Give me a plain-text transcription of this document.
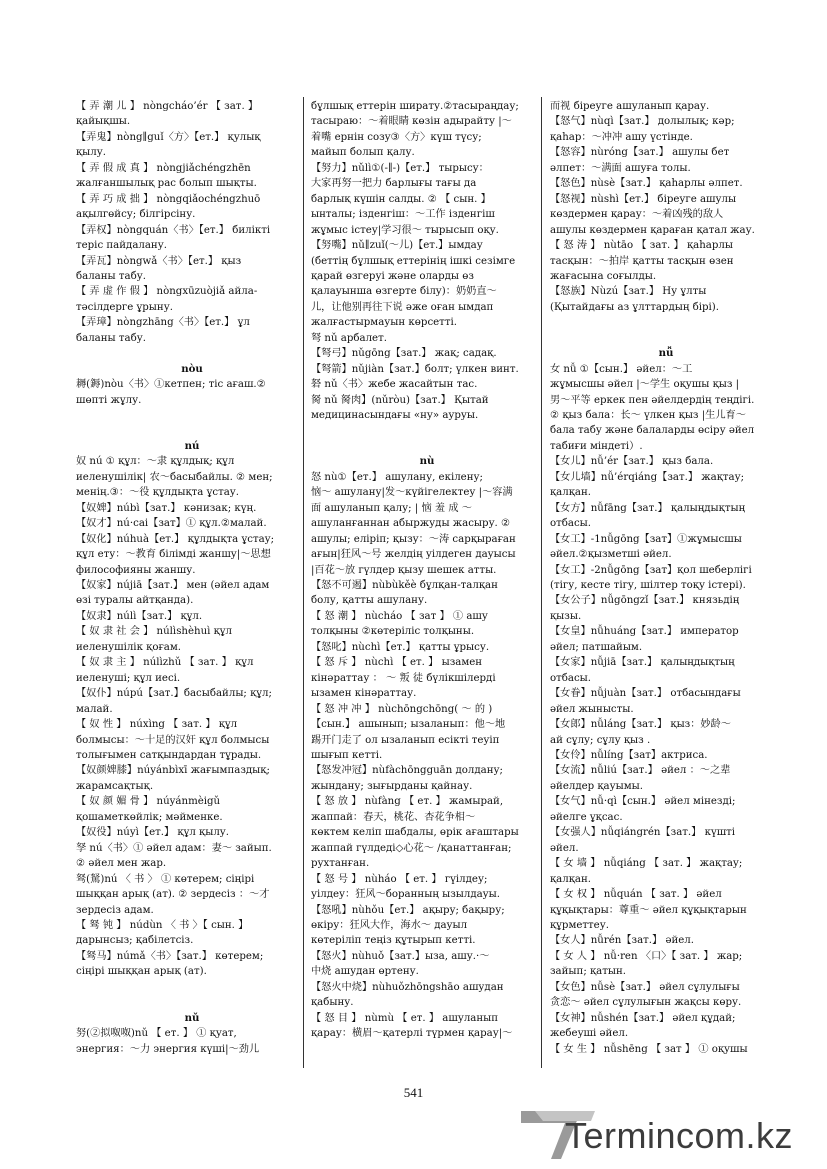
【 弄 潮 儿 】 nòngcháo’ér 【 зат. 】
қайықшы.
【弄鬼】nòng∥guǐ〈方〉【ет.】 қулық
қылу.
【 弄 假 成 真 】 nòngjiǎchéngzhēn
жалғаншылық рас болып шықты.
【 弄 巧 成 拙 】 nòngqiǎochéngzhuō
ақылгөйсу; білгірсіну.
【弄权】nòngquán〈书〉【ет.】 биліктi
терiс пайдалану.
【弄瓦】nòngwǎ〈书〉【ет.】 қыз
баланы табу.
【 弄 虚 作 假 】 nòngxūzuòjiǎ айла-
тәсiлдерге ұрыну.
【弄璋】nòngzhāng〈书〉【ет.】 ұл
баланы табу.
nòu
耨(鎒)nòu〈书〉①кетпен; тiс ағаш.②
шөпті жұлу.
nú
奴 nú ① құл：～隶 құлдық; құл
иеленушілік| 农～басыбайлы. ② мен;
менің.③：～役 құлдықта ұстау.
【奴婢】núbì【зат.】 кәнизак; күң.
【奴才】nú·cai【зат】① құл.②малай.
【奴化】núhuà【ет.】 құлдықта ұстау;
құл ету：～教育 білімді жаншу|～思想
философияны жаншу.
【奴家】nújiā【зат.】 мен (әйел адам
өзі туралы айтқанда).
【奴隶】núlì【зат.】 құл.
【 奴 隶 社 会 】 núlìshèhuì құл
иеленушілік қоғам.
【 奴 隶 主 】 núlìzhǔ 【 зат. 】 құл
иеленуші; құл иесі.
【奴仆】núpú【зат.】басыбайлы; құл;
малай.
【 奴 性 】 núxìng 【 зат. 】 құл
болмысы：～十足的汉奸 құл болмысы
толығымен сатқындардан тұрады.
【奴颜婢膝】núyánbìxī жағымпаздық;
жарамсақтық.
【 奴 颜 媚 骨 】 núyánmèigǔ
қошаметкөйлік; мәйменке.
【奴役】núyì【ет.】 құл қылу.
孥 nú〈书〉① әйел адам：妻～ зайып.
② әйел мен жар.
驽(駑)nú 〈 书 〉 ① көтерем; сіңірі
шыққан арық (ат). ② зердесіз ：～才
зердесіз адам.
【 驽 钝 】 núdùn 〈 书 〉【 сын. 】
дарынсыз; қабілетсіз.
【驽马】númǎ〈书〉【зат.】 көтерем;
сіңірі шыққан арық (ат).
nǔ
努(②拟呶呶)nǔ 【 ет. 】 ① қуат,
энергия：～力 энергия күші|～劲儿
бұлшық еттерін ширату.②тасыраңдау;
тасыраю：～着眼睛 көзін адырайту |～
着嘴 ернін созу③〈方〉күш түсу;
майып болып қалу.
【努力】nǔlì①(-∥-)【ет.】 тырысу：
大家再努一把力 барлығы тағы да
барлық күшін салды. ② 【 сын. 】
ынталы; ізденгіш：～工作 ізденгіш
жұмыс істеу|学习很～ тырысып оқу.
【努嘴】nǔ∥zuǐ(～儿)【ет.】ымдау
(беттің бұлшық еттерінің ішкі сезімге
қарай өзгеруі және оларды өз
қалауынша өзгерте білу)：奶奶直～
儿，让他别再往下说 әже оған ымдап
жалғастырмауын көрсетті.
弩 nǔ арбалет.
【弩弓】nǔgōng【зат.】 жақ; садақ.
【弩箭】nǔjiàn【зат.】болт; үлкен винт.
砮 nǔ〈书〉жебе жасайтын тас.
胬 nǔ 胬肉】(nǔròu)【зат.】 Қытай
медицинасындағы «ну» ауруы.
nù
怒 nù①【ет.】 ашулану, екілену;
恼～ ашулану|发～күйігелектеу |～容满
面 ашуланып қалу; | 恼 羞 成 ～
ашуланғаннан абыржуды жасыру. ②
ашулы; еліріп; қызу：～涛 сарқыраған
ағын|狂风～号 желдің уілдеген дауысы
|百花～放 гүлдер қызу шешек атты.
【怒不可遏】nùbùkěè бұлқан-талқан
болу, қатты ашулану.
【 怒 潮 】 nùcháo 【 зат 】 ① ашу
толқыны ②көтеріліс толқыны.
【怒叱】nùchì【ет.】 қатты ұрысу.
【 怒 斥 】 nùchì 【 ет. 】 ызамен
кінәраттау ： ～ 叛 徒 бүлікшілерді
ызамен кінәраттау.
【 怒 冲 冲 】 nùchōngchōng( ～ 的 )
【сын.】 ашынып; ызаланып：他～地
踢开门走了 ол ызаланып есікті теуіп
шығып кетті.
【怒发冲冠】nùfàchōngguān долдану;
жындану; зығырданы қайнау.
【 怒 放 】 nùfàng 【 ет. 】 жамырай,
жаппай：春天，桃花、杏花争相～
көктем келіп шабдалы, өрік ағаштары
жаппай гүлдеді◇心花～ /қанаттанған;
рухтанған.
【 怒 号 】 nùháo 【 ет. 】 гүілдеу;
уілдеу：狂风～боранның ызылдауы.
【怒吼】nùhǒu【ет.】 ақыру; бақыру;
өкіру：狂风大作，海水～ дауыл
көтеріліп теңіз құтырып кетті.
【怒火】nùhuǒ【зат.】ыза, ашу.·～
中烧 ашудан өртену.
【怒火中烧】nùhuǒzhōngshāo ашудан
қабыну.
【 怒 目 】 nùmù 【 ет. 】 ашуланып
қарау：横眉～қатерлі түрмен қарау|～
而视 біреуге ашуланып қарау.
【怒气】nùqì【зат.】 долылық; кәр;
қаһар：～冲冲 ашу үстінде.
【怒容】nùróng【зат.】 ашулы бет
әлпет：～满面 ашуға толы.
【怒色】nùsè【зат.】 қаһарлы әлпет.
【怒视】nùshì【ет.】 біреуге ашулы
көздермен қарау：～着凶残的敌人
ашулы көздермен қараған қатал жау.
【 怒 涛 】 nùtāo 【 зат. 】 қаһарлы
тасқын：～拍岸 қатты тасқын өзен
жағасына соғылды.
【怒族】Nùzú【зат.】 Ну ұлты
(Қытайдағы аз ұлттардың бірі).
nǚ
女 nǚ ①【сын.】 әйел：～工
жұмысшы әйел |～学生 оқушы қыз |
男～平等 еркек пен әйелдердің теңдігі.
② қыз бала：长～ үлкен қыз |生儿育～
бала табу және балаларды өсіру әйел
табиғи міндеті）.
【女儿】nǚ’ér【зат.】 қыз бала.
【女儿墙】nǚ’érqiáng【зат.】 жақтау;
қалқан.
【女方】nǚfāng【зат.】 қалыңдықтың
отбасы.
【女工】-1nǚgōng【зат】①жұмысшы
әйел.②қызметші әйел.
【女工】-2nǚgōng【зат】қол шеберлігі
(тігу, кесте тігу, шілтер тоқу істері).
【女公子】nǚgōngzǐ【зат.】 князьдің
қызы.
【女皇】nǚhuáng【зат.】 император
әйел; патшайым.
【女家】nǚjiā【зат.】 қалыңдықтың
отбасы.
【女眷】nǚjuàn【зат.】 отбасындағы
әйел жынысты.
【女郎】nǚláng【зат.】 қыз：妙龄～
ай сұлу; сұлу қыз .
【女伶】nǚlíng【зат】актриса.
【女流】nǚliú【зат.】 әйел ：～之辈
әйелдер қауымы.
【女气】nǚ·qì【сын.】 әйел мінезді;
әйелге ұқсас.
【女强人】nǚqiángrén【зат.】 күшті
әйел.
【 女 墙 】 nǚqiáng 【 зат. 】 жақтау;
қалқан.
【 女 权 】 nǚquán 【 зат. 】 әйел
құқықтары：尊重～ әйел құқықтарын
құрметтеу.
【女人】nǚrén【зат.】 әйел.
【 女 人 】 nǚ·ren 〈口〉【 зат. 】 жар;
зайып; қатын.
【女色】nǚsè【зат.】 әйел сұлулығы
贪恋～ әйел сұлулығын жақсы көру.
【女神】nǚshén【зат.】 әйел құдай;
жебеуші әйел.
【 女 生 】 nǚshēng 【 зат 】 ① оқушы
541
Termincom.kz
